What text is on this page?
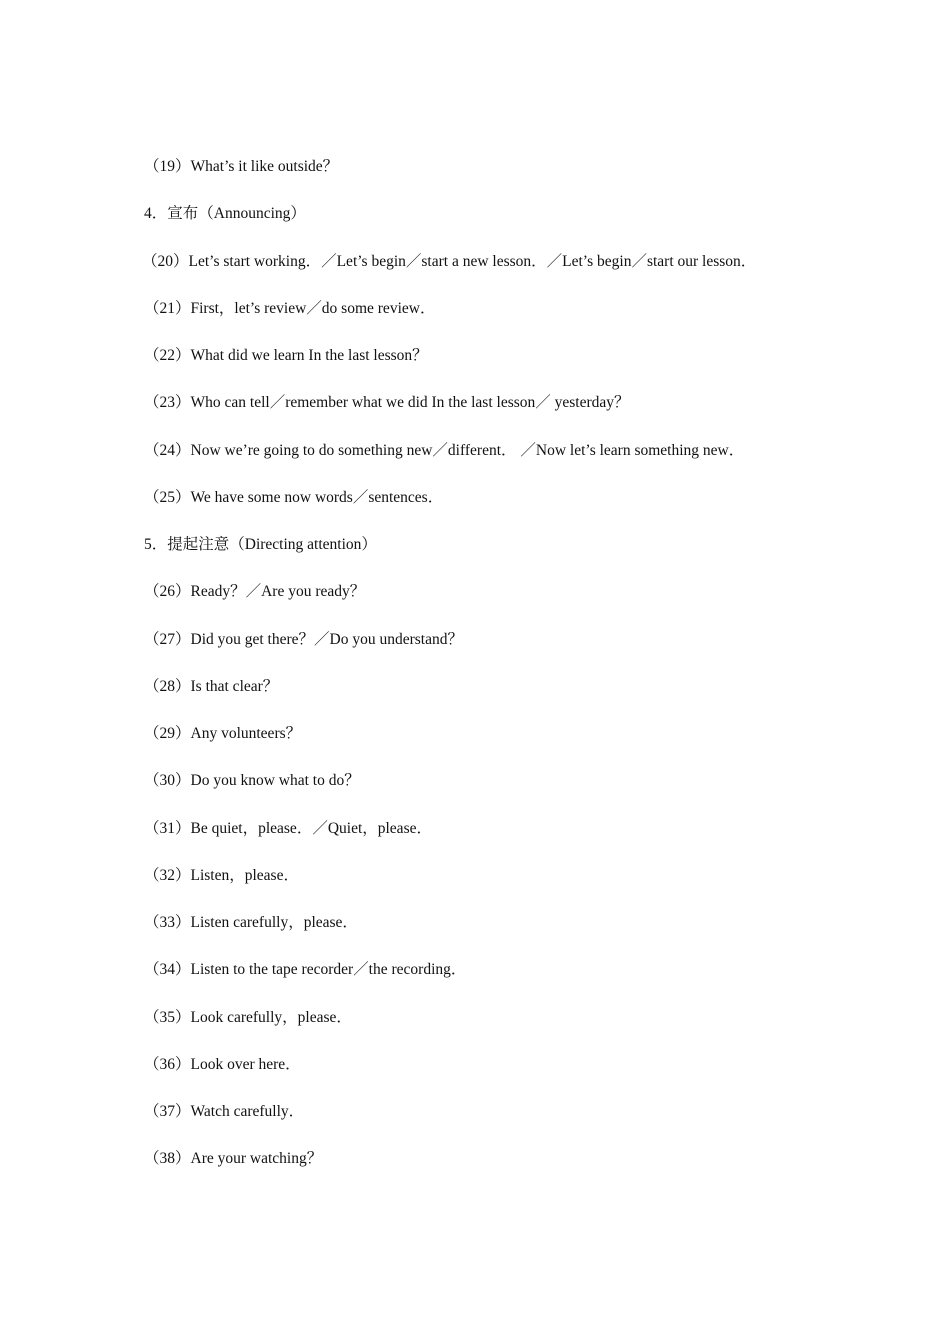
（19）What’s it like outside？
4．宣布（Announcing）
（20）Let’s start working．／Let’s begin／start a new lesson．／Let’s begin／start our lesson．
（21）First，let’s review／do some review．
（22）What did we learn In the last lesson？
（23）Who can tell／remember what we did In the last lesson／ yesterday？
（24）Now we’re going to do something new／different． ／Now let’s learn something new．
（25）We have some now words／sentences．
5．提起注意（Directing attention）
（26）Ready？／Are you ready？
（27）Did you get there？／Do you understand？
（28）Is that clear？
（29）Any volunteers？
（30）Do you know what to do？
（31）Be quiet，please．／Quiet，please．
（32）Listen，please．
（33）Listen carefully，please．
（34）Listen to the tape recorder／the recording．
（35）Look carefully，please．
（36）Look over here．
（37）Watch carefully．
（38）Are your watching？
